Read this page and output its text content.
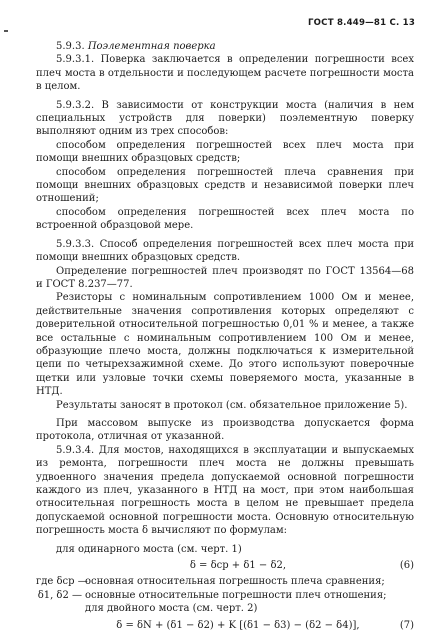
ГОСТ 8.449—81 С. 13

5.9.3. Поэлементная поверка

5.9.3.1. Поверка заключается в определении погрешности всех плеч моста в отдельности и последующем расчете погрешности моста в целом.

5.9.3.2. В зависимости от конструкции моста (наличия в нем специальных устройств для поверки) поэлементную поверку выполняют одним из трех способов:

способом определения погрешностей всех плеч моста при помощи внешних образцовых средств;

способом определения погрешностей плеча сравнения при помощи внешних образцовых средств и независимой поверки плеч отношений;

способом определения погрешностей всех плеч моста по встроенной образцовой мере.

5.9.3.3. Способ определения погрешностей всех плеч моста при помощи внешних образцовых средств.

Определение погрешностей плеч производят по ГОСТ 13564—68 и ГОСТ 8.237—77.

Резисторы с номинальным сопротивлением 1000 Ом и менее, действительные значения сопротивления которых определяют с доверительной относительной погрешностью 0,01 % и менее, а также все остальные с номинальным сопротивлением 100 Ом и менее, образующие плечо моста, должны подключаться к измерительной цепи по четырехзажимной схеме. До этого используют поверочные щетки или узловые точки схемы поверяемого моста, указанные в НТД.

Результаты заносят в протокол (см. обязательное приложение 5).

При массовом выпуске из производства допускается форма протокола, отличная от указанной.

5.9.3.4. Для мостов, находящихся в эксплуатации и выпускаемых из ремонта, погрешности плеч моста не должны превышать удвоенного значения предела допускаемой основной погрешности каждого из плеч, указанного в НТД на мост, при этом наибольшая относительная погрешность моста в целом не превышает предела допускаемой основной погрешности моста. Основную относительную погрешность моста δ вычисляют по формулам:

для одинарного моста (см. черт. 1)

δ = δср + δ1 − δ2,	(6)
где δср —
основная относительная погрешность плеча сравнения;
δ1, δ2 — основные относительные погрешности плеч отношения;

для двойного моста (см. черт. 2)

δ = δN + (δ1 − δ2) + K [(δ1 − δ3) − (δ2 − δ4)],	(7)
